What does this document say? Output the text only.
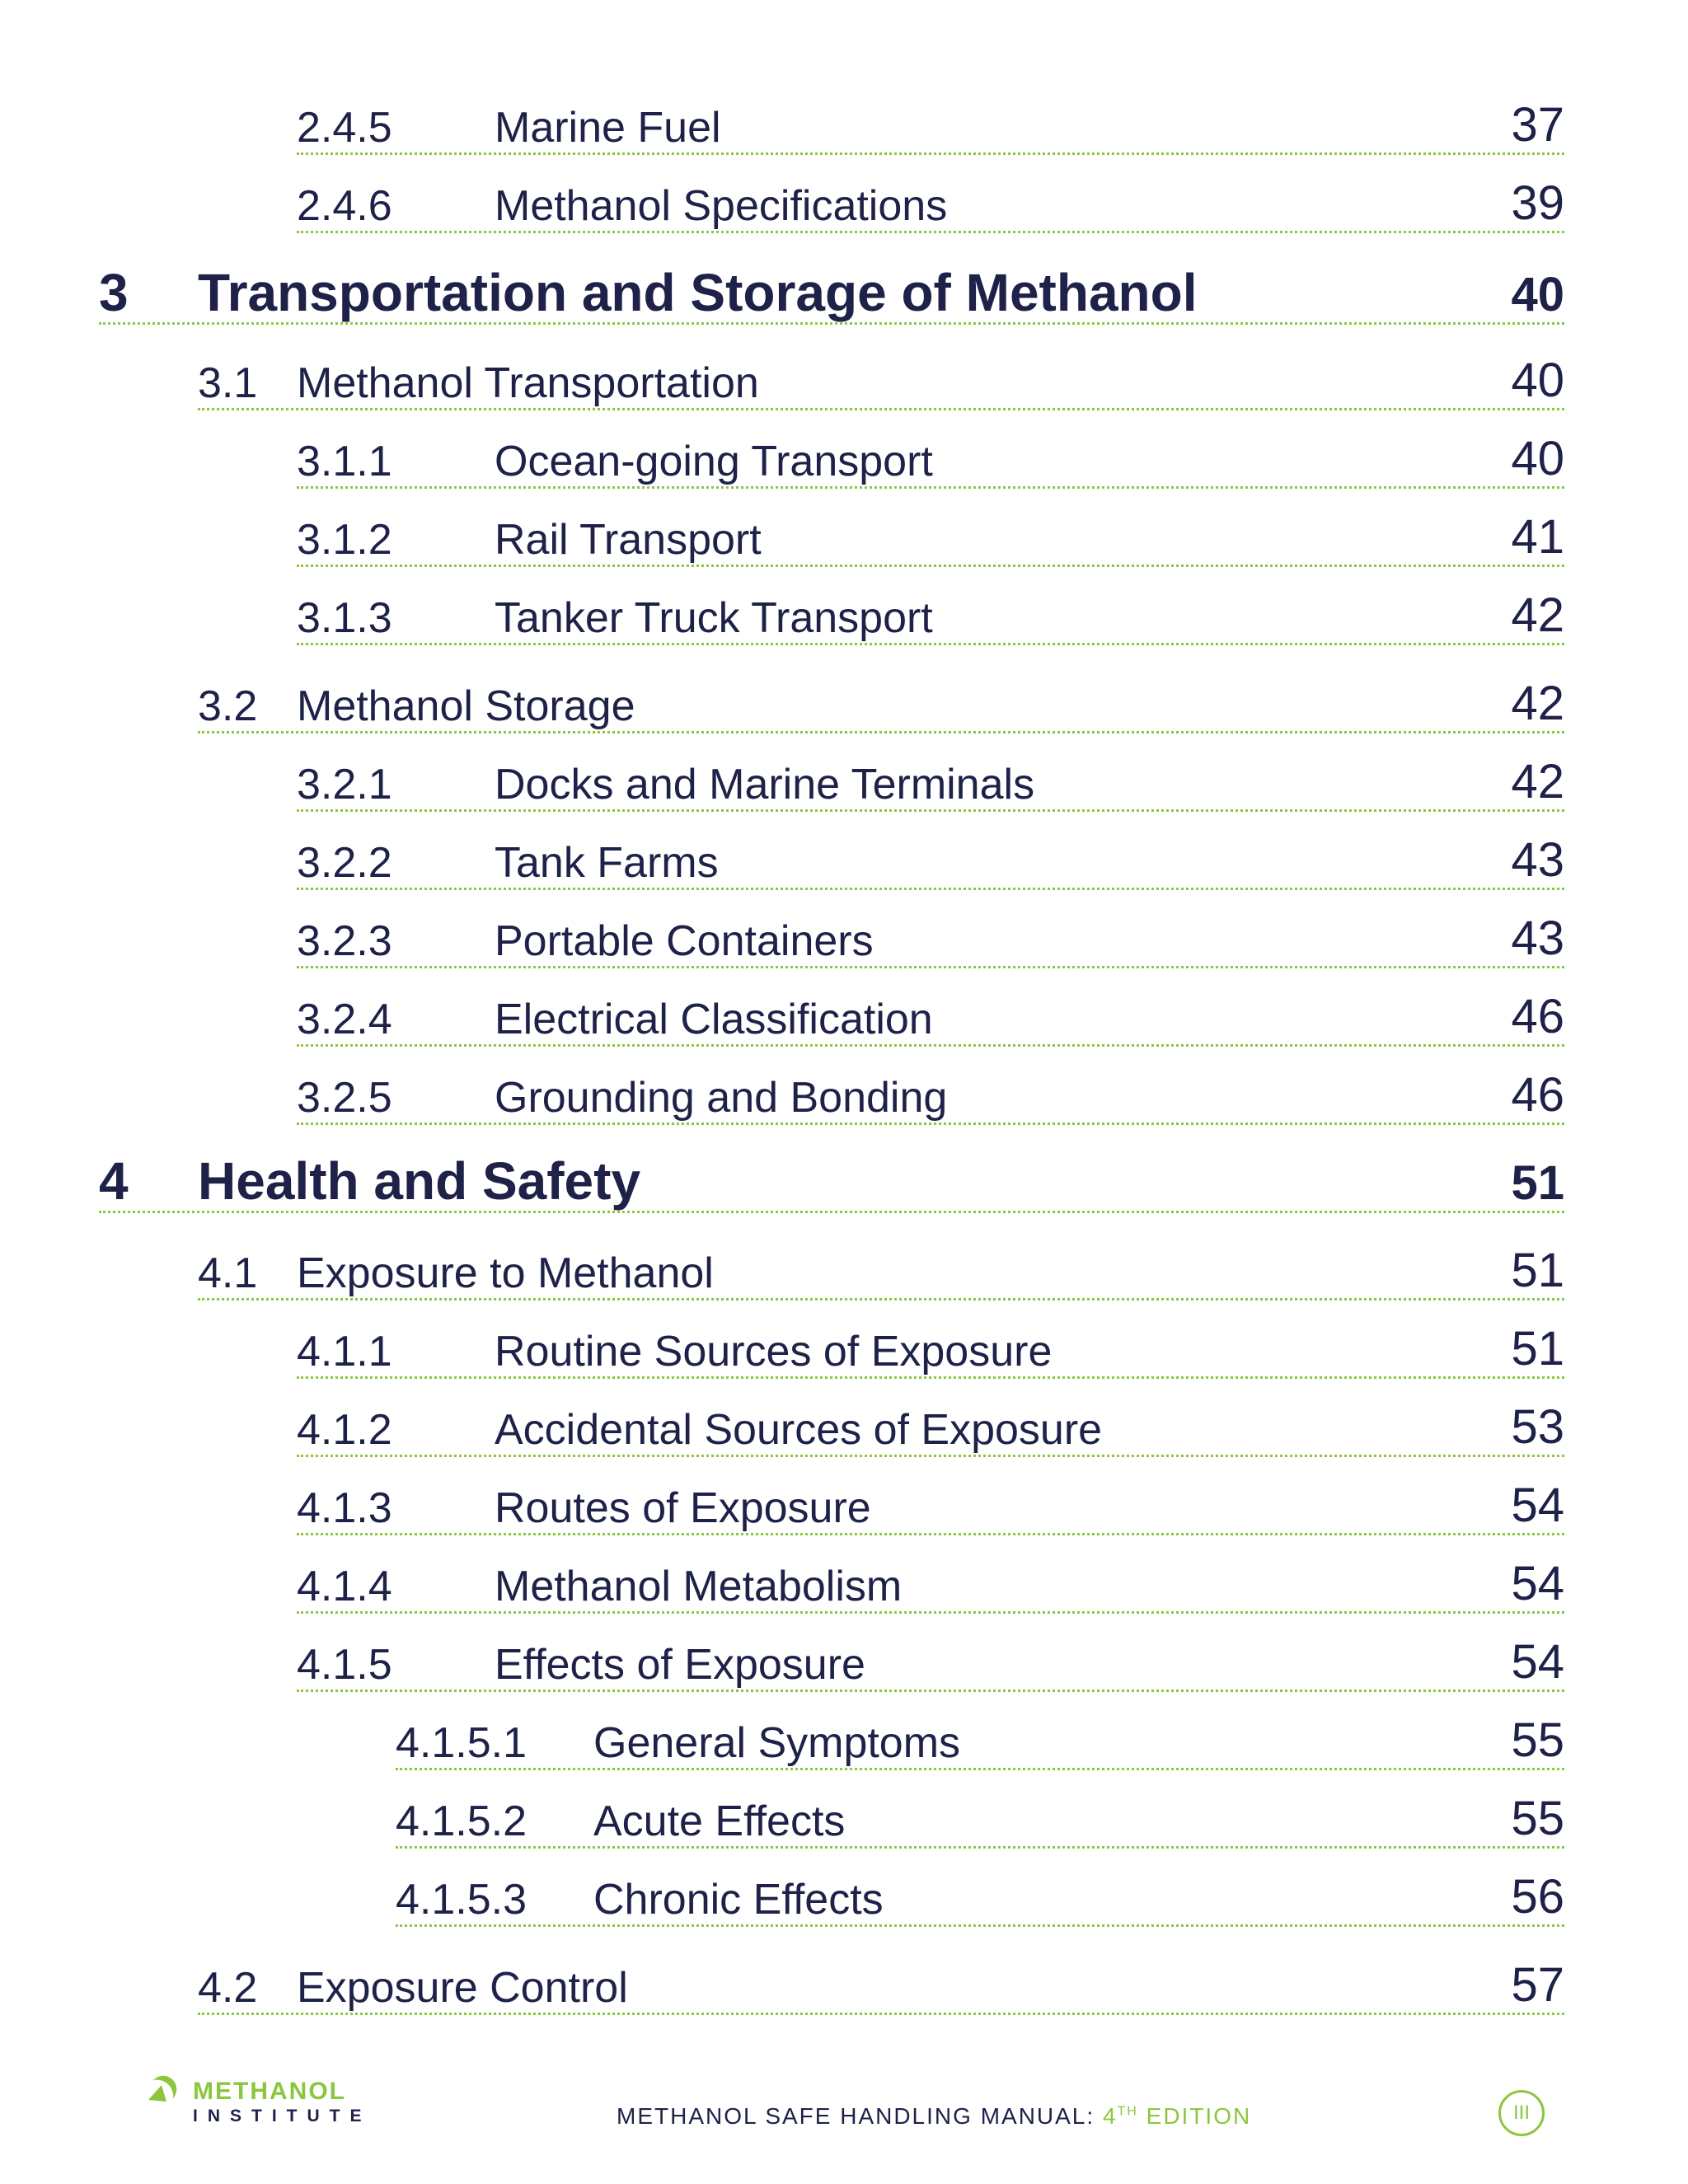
2.4.5	Marine Fuel	37
2.4.6	Methanol Specifications	39
3	Transportation and Storage of Methanol	40
3.1 Methanol Transportation	40
3.1.1	Ocean-going Transport	40
3.1.2	Rail Transport	41
3.1.3	Tanker Truck Transport	42
3.2 Methanol Storage	42
3.2.1	Docks and Marine Terminals	42
3.2.2	Tank Farms	43
3.2.3	Portable Containers	43
3.2.4	Electrical Classification	46
3.2.5	Grounding and Bonding	46
4	Health and Safety	51
4.1 Exposure to Methanol	51
4.1.1	Routine Sources of Exposure	51
4.1.2	Accidental Sources of Exposure	53
4.1.3	Routes of Exposure	54
4.1.4	Methanol Metabolism	54
4.1.5	Effects of Exposure	54
4.1.5.1	General Symptoms	55
4.1.5.2	Acute Effects	55
4.1.5.3	Chronic Effects	56
4.2 Exposure Control	57
METHANOL
INSTITUTE	METHANOL SAFE HANDLING MANUAL: 4TH EDITION	III
